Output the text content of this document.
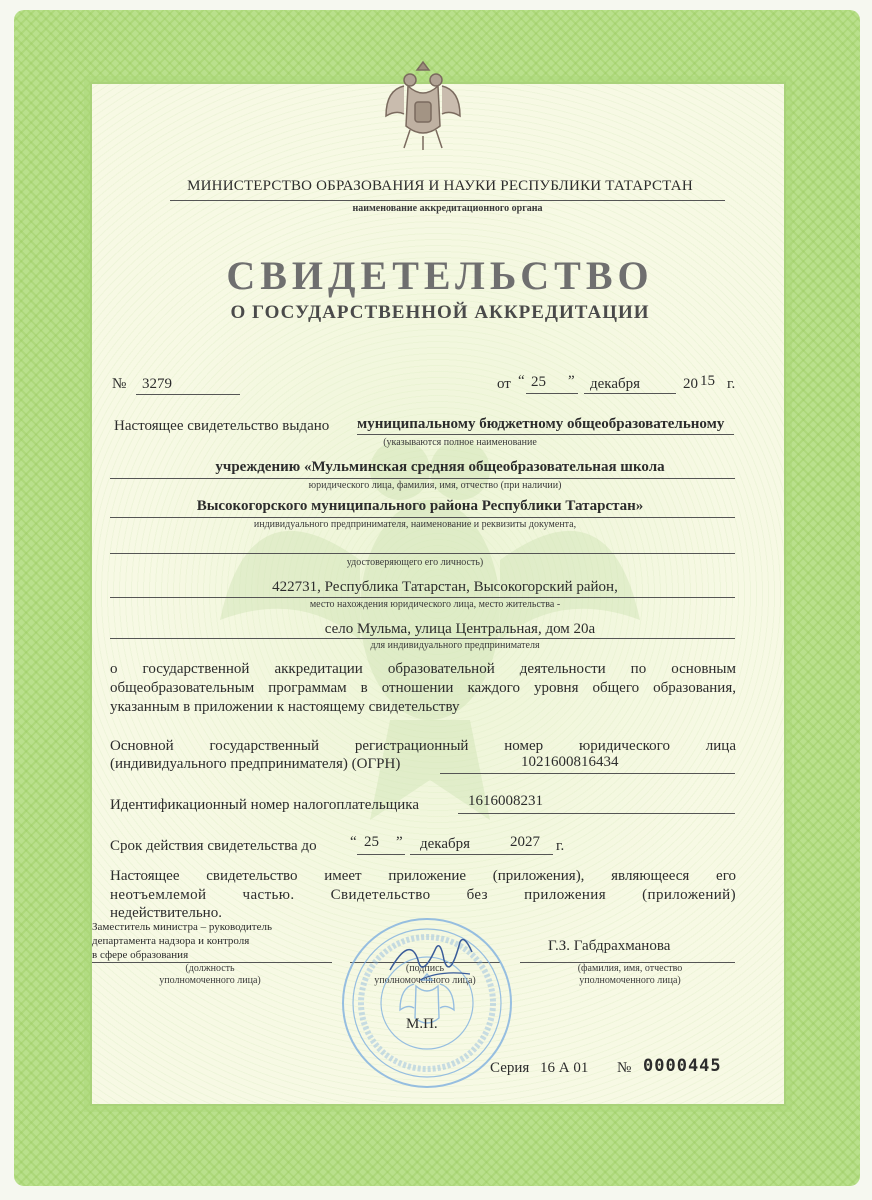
МИНИСТЕРСТВО ОБРАЗОВАНИЯ И НАУКИ РЕСПУБЛИКИ ТАТАРСТАН
наименование аккредитационного органа
СВИДЕТЕЛЬСТВО
О ГОСУДАРСТВЕННОЙ АККРЕДИТАЦИИ
№ 3279	от “ 25 ” декабря	20 15 г.
Настоящее свидетельство выдано муниципальному бюджетному общеобразовательному
(указываются полное наименование
учреждению «Мульминская средняя общеобразовательная школа
юридического лица, фамилия, имя, отчество (при наличии)
Высокогорского муниципального района Республики Татарстан»
индивидуального предпринимателя, наименование и реквизиты документа,
удостоверяющего его личность)
422731, Республика Татарстан, Высокогорский район,
место нахождения юридического лица, место жительства -
село Мульма, улица Центральная, дом 20а
для индивидуального предпринимателя
о государственной аккредитации образовательной деятельности по основным
общеобразовательным программам в отношении каждого уровня общего образования,
указанным в приложении к настоящему свидетельству
Основной государственный регистрационный номер юридического лица
(индивидуального предпринимателя) (ОГРН)	1021600816434
Идентификационный номер налогоплательщика	1616008231
Срок действия свидетельства до “ 25 ” декабря	2027 г.
Настоящее свидетельство имеет приложение (приложения), являющееся его
неотъемлемой частью. Свидетельство без приложения (приложений)
недействительно.
Заместитель министра – руководитель
департамента надзора и контроля
в сфере образования
(должность
уполномоченного лица)
(подпись
уполномоченного лица)
Г.З. Габдрахманова
(фамилия, имя, отчество
уполномоченного лица)
М.П.
Серия 16 А 01 № 0000445
